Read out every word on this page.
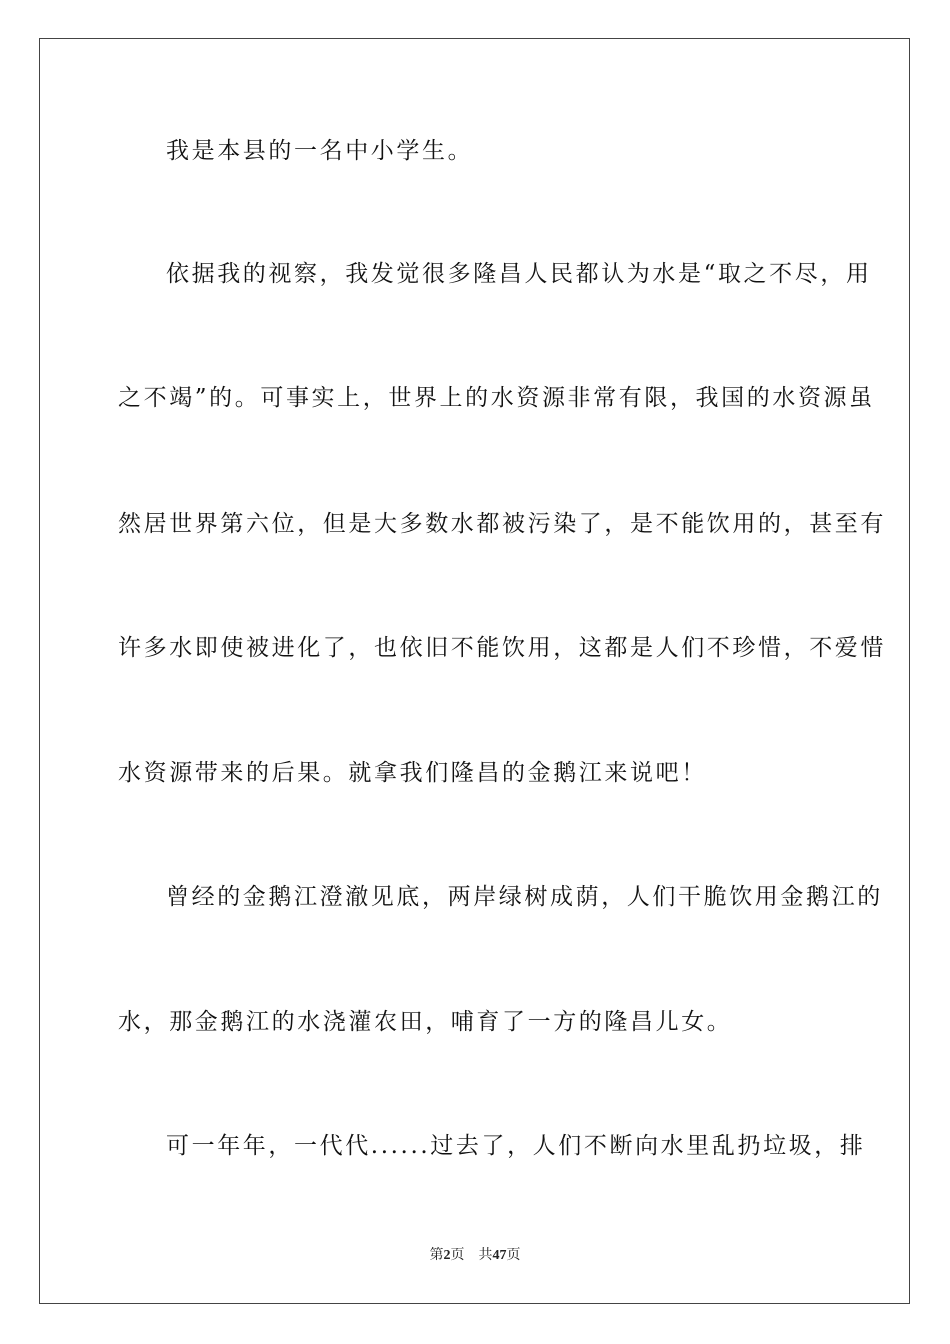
我是本县的一名中小学生。
依据我的视察，我发觉很多隆昌人民都认为水是“取之不尽，用
之不竭”的。可事实上，世界上的水资源非常有限，我国的水资源虽
然居世界第六位，但是大多数水都被污染了，是不能饮用的，甚至有
许多水即使被进化了，也依旧不能饮用，这都是人们不珍惜，不爱惜
水资源带来的后果。就拿我们隆昌的金鹅江来说吧！
曾经的金鹅江澄澈见底，两岸绿树成荫，人们干脆饮用金鹅江的
水，那金鹅江的水浇灌农田，哺育了一方的隆昌儿女。
可一年年，一代代......过去了，人们不断向水里乱扔垃圾，排
第2页 共47页
